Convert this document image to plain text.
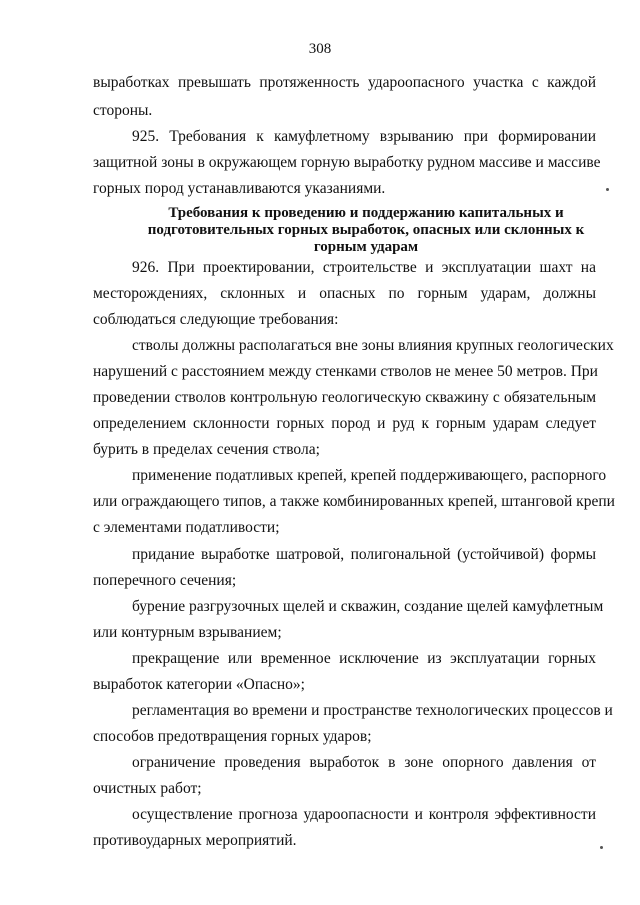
308
выработках превышать протяженность удароопасного участка с каждой
стороны.
925. Требования к камуфлетному взрыванию при формировании
защитной зоны в окружающем горную выработку рудном массиве и массиве
горных пород устанавливаются указаниями.
Требования к проведению и поддержанию капитальных и
подготовительных горных выработок, опасных или склонных к
горным ударам
926. При проектировании, строительстве и эксплуатации шахт на
месторождениях, склонных и опасных по горным ударам, должны
соблюдаться следующие требования:
стволы должны располагаться вне зоны влияния крупных геологических
нарушений с расстоянием между стенками стволов не менее 50 метров. При
проведении стволов контрольную геологическую скважину с обязательным
определением склонности горных пород и руд к горным ударам следует
бурить в пределах сечения ствола;
применение податливых крепей, крепей поддерживающего, распорного
или ограждающего типов, а также комбинированных крепей, штанговой крепи
с элементами податливости;
придание выработке шатровой, полигональной (устойчивой) формы
поперечного сечения;
бурение разгрузочных щелей и скважин, создание щелей камуфлетным
или контурным взрыванием;
прекращение или временное исключение из эксплуатации горных
выработок категории «Опасно»;
регламентация во времени и пространстве технологических процессов и
способов предотвращения горных ударов;
ограничение проведения выработок в зоне опорного давления от
очистных работ;
осуществление прогноза удароопасности и контроля эффективности
противоударных мероприятий.
